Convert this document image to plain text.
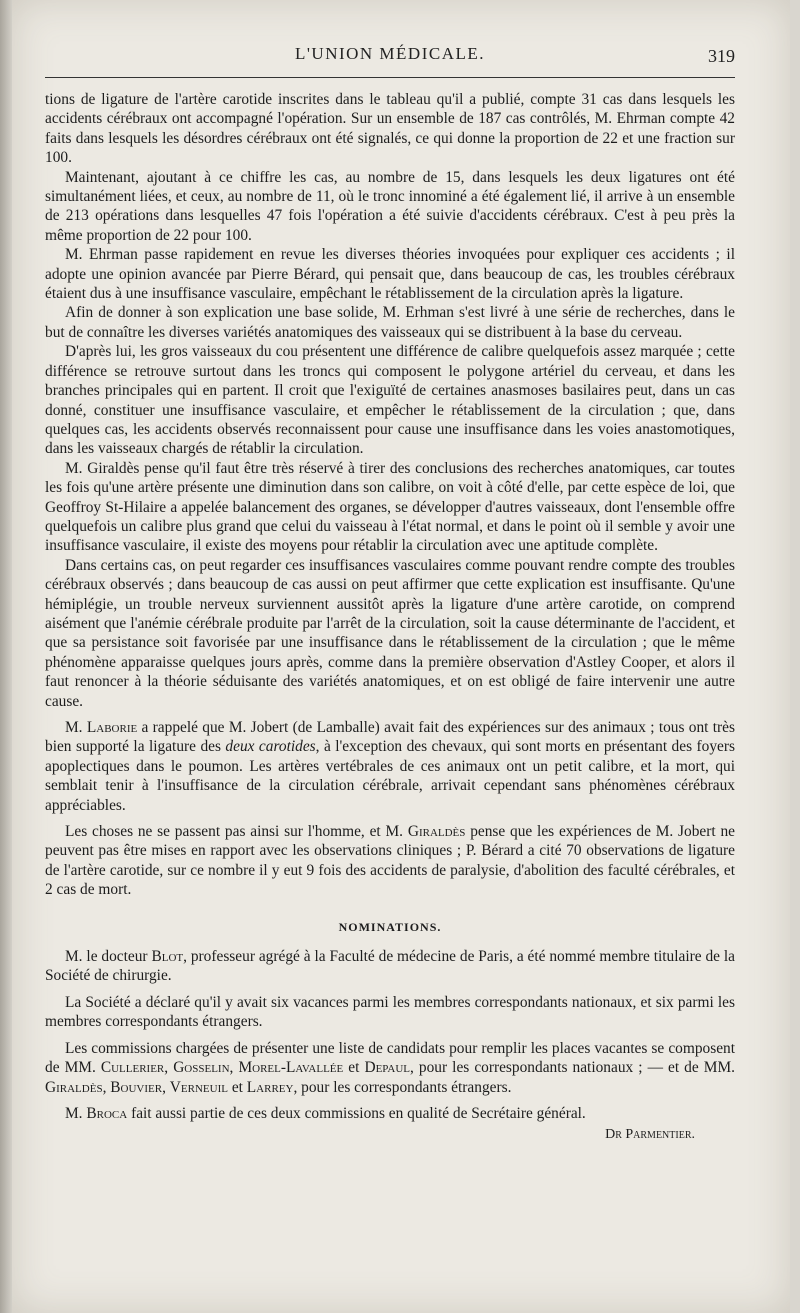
L'UNION MÉDICALE.	319

tions de ligature de l'artère carotide inscrites dans le tableau qu'il a publié, compte 31 cas dans lesquels les accidents cérébraux ont accompagné l'opération. Sur un ensemble de 187 cas contrôlés, M. Ehrman compte 42 faits dans lesquels les désordres cérébraux ont été signalés, ce qui donne la proportion de 22 et une fraction sur 100.

Maintenant, ajoutant à ce chiffre les cas, au nombre de 15, dans lesquels les deux ligatures ont été simultanément liées, et ceux, au nombre de 11, où le tronc innominé a été également lié, il arrive à un ensemble de 213 opérations dans lesquelles 47 fois l'opération a été suivie d'accidents cérébraux. C'est à peu près la même proportion de 22 pour 100.

M. Ehrman passe rapidement en revue les diverses théories invoquées pour expliquer ces accidents ; il adopte une opinion avancée par Pierre Bérard, qui pensait que, dans beaucoup de cas, les troubles cérébraux étaient dus à une insuffisance vasculaire, empêchant le rétablissement de la circulation après la ligature.

Afin de donner à son explication une base solide, M. Erhman s'est livré à une série de recherches, dans le but de connaître les diverses variétés anatomiques des vaisseaux qui se distribuent à la base du cerveau.

D'après lui, les gros vaisseaux du cou présentent une différence de calibre quelquefois assez marquée ; cette différence se retrouve surtout dans les troncs qui composent le polygone artériel du cerveau, et dans les branches principales qui en partent. Il croit que l'exiguïté de certaines anasmoses basilaires peut, dans un cas donné, constituer une insuffisance vasculaire, et empêcher le rétablissement de la circulation ; que, dans quelques cas, les accidents observés reconnaissent pour cause une insuffisance dans les voies anastomotiques, dans les vaisseaux chargés de rétablir la circulation.

M. Giraldès pense qu'il faut être très réservé à tirer des conclusions des recherches anatomiques, car toutes les fois qu'une artère présente une diminution dans son calibre, on voit à côté d'elle, par cette espèce de loi, que Geoffroy St-Hilaire a appelée balancement des organes, se développer d'autres vaisseaux, dont l'ensemble offre quelquefois un calibre plus grand que celui du vaisseau à l'état normal, et dans le point où il semble y avoir une insuffisance vasculaire, il existe des moyens pour rétablir la circulation avec une aptitude complète.

Dans certains cas, on peut regarder ces insuffisances vasculaires comme pouvant rendre compte des troubles cérébraux observés ; dans beaucoup de cas aussi on peut affirmer que cette explication est insuffisante. Qu'une hémiplégie, un trouble nerveux surviennent aussitôt après la ligature d'une artère carotide, on comprend aisément que l'anémie cérébrale produite par l'arrêt de la circulation, soit la cause déterminante de l'accident, et que sa persistance soit favorisée par une insuffisance dans le rétablissement de la circulation ; que le même phénomène apparaisse quelques jours après, comme dans la première observation d'Astley Cooper, et alors il faut renoncer à la théorie séduisante des variétés anatomiques, et on est obligé de faire intervenir une autre cause.

M. Laborie a rappelé que M. Jobert (de Lamballe) avait fait des expériences sur des animaux ; tous ont très bien supporté la ligature des deux carotides, à l'exception des chevaux, qui sont morts en présentant des foyers apoplectiques dans le poumon. Les artères vertébrales de ces animaux ont un petit calibre, et la mort, qui semblait tenir à l'insuffisance de la circulation cérébrale, arrivait cependant sans phénomènes cérébraux appréciables.

Les choses ne se passent pas ainsi sur l'homme, et M. Giraldès pense que les expériences de M. Jobert ne peuvent pas être mises en rapport avec les observations cliniques ; P. Bérard a cité 70 observations de ligature de l'artère carotide, sur ce nombre il y eut 9 fois des accidents de paralysie, d'abolition des faculté cérébrales, et 2 cas de mort.

NOMINATIONS.

M. le docteur Blot, professeur agrégé à la Faculté de médecine de Paris, a été nommé membre titulaire de la Société de chirurgie.

La Société a déclaré qu'il y avait six vacances parmi les membres correspondants nationaux, et six parmi les membres correspondants étrangers.

Les commissions chargées de présenter une liste de candidats pour remplir les places vacantes se composent de MM. Cullerier, Gosselin, Morel-Lavallée et Depaul, pour les correspondants nationaux ; — et de MM. Giraldès, Bouvier, Verneuil et Larrey, pour les correspondants étrangers.

M. Broca fait aussi partie de ces deux commissions en qualité de Secrétaire général.

Dr Parmentier.
